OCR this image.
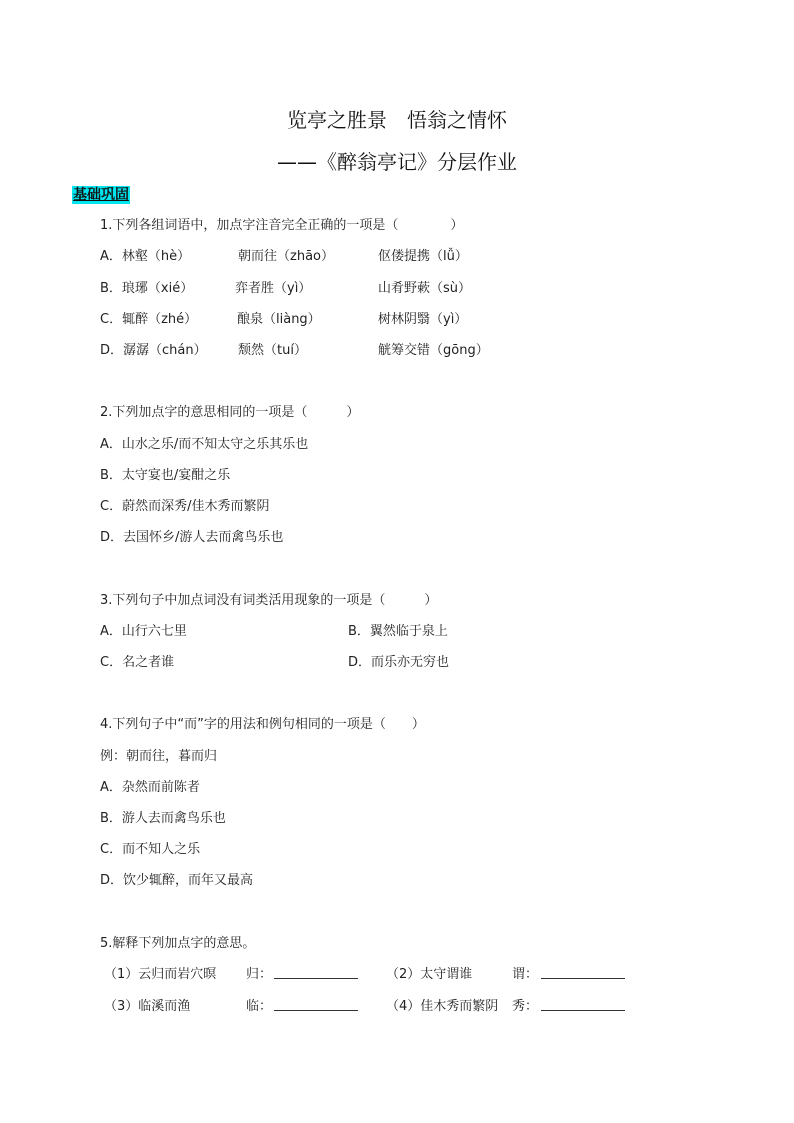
览亭之胜景　悟翁之情怀
——《醉翁亭记》分层作业
基础巩固
1.下列各组词语中，加点字注音完全正确的一项是（　　　　）
A．林壑（hè）	朝而往（zhāo）	伛偻提携（lǚ）
B．琅琊（xié）	弈者胜（yì）	山肴野蔌（sù）
C．辄醉（zhé）	酿泉（liàng）	树林阴翳（yì）
D．潺潺（chán） 颓然（tuí）	觥筹交错（gōng）
2.下列加点字的意思相同的一项是（　　　）
A．山水之乐/而不知太守之乐其乐也
B．太守宴也/宴酣之乐
C．蔚然而深秀/佳木秀而繁阴
D．去国怀乡/游人去而禽鸟乐也
3.下列句子中加点词没有词类活用现象的一项是（　　　）
A．山行六七里	B．翼然临于泉上
C．名之者谁	D．而乐亦无穷也
4.下列句子中“而”字的用法和例句相同的一项是（　　）
例：朝而往，暮而归
A．杂然而前陈者
B．游人去而禽鸟乐也
C．而不知人之乐
D．饮少辄醉，而年又最高
5.解释下列加点字的意思。
（1）云归而岩穴暝 归：	（2）太守谓谁	谓：
（3）临溪而渔	临：	（4）佳木秀而繁阴 秀：
